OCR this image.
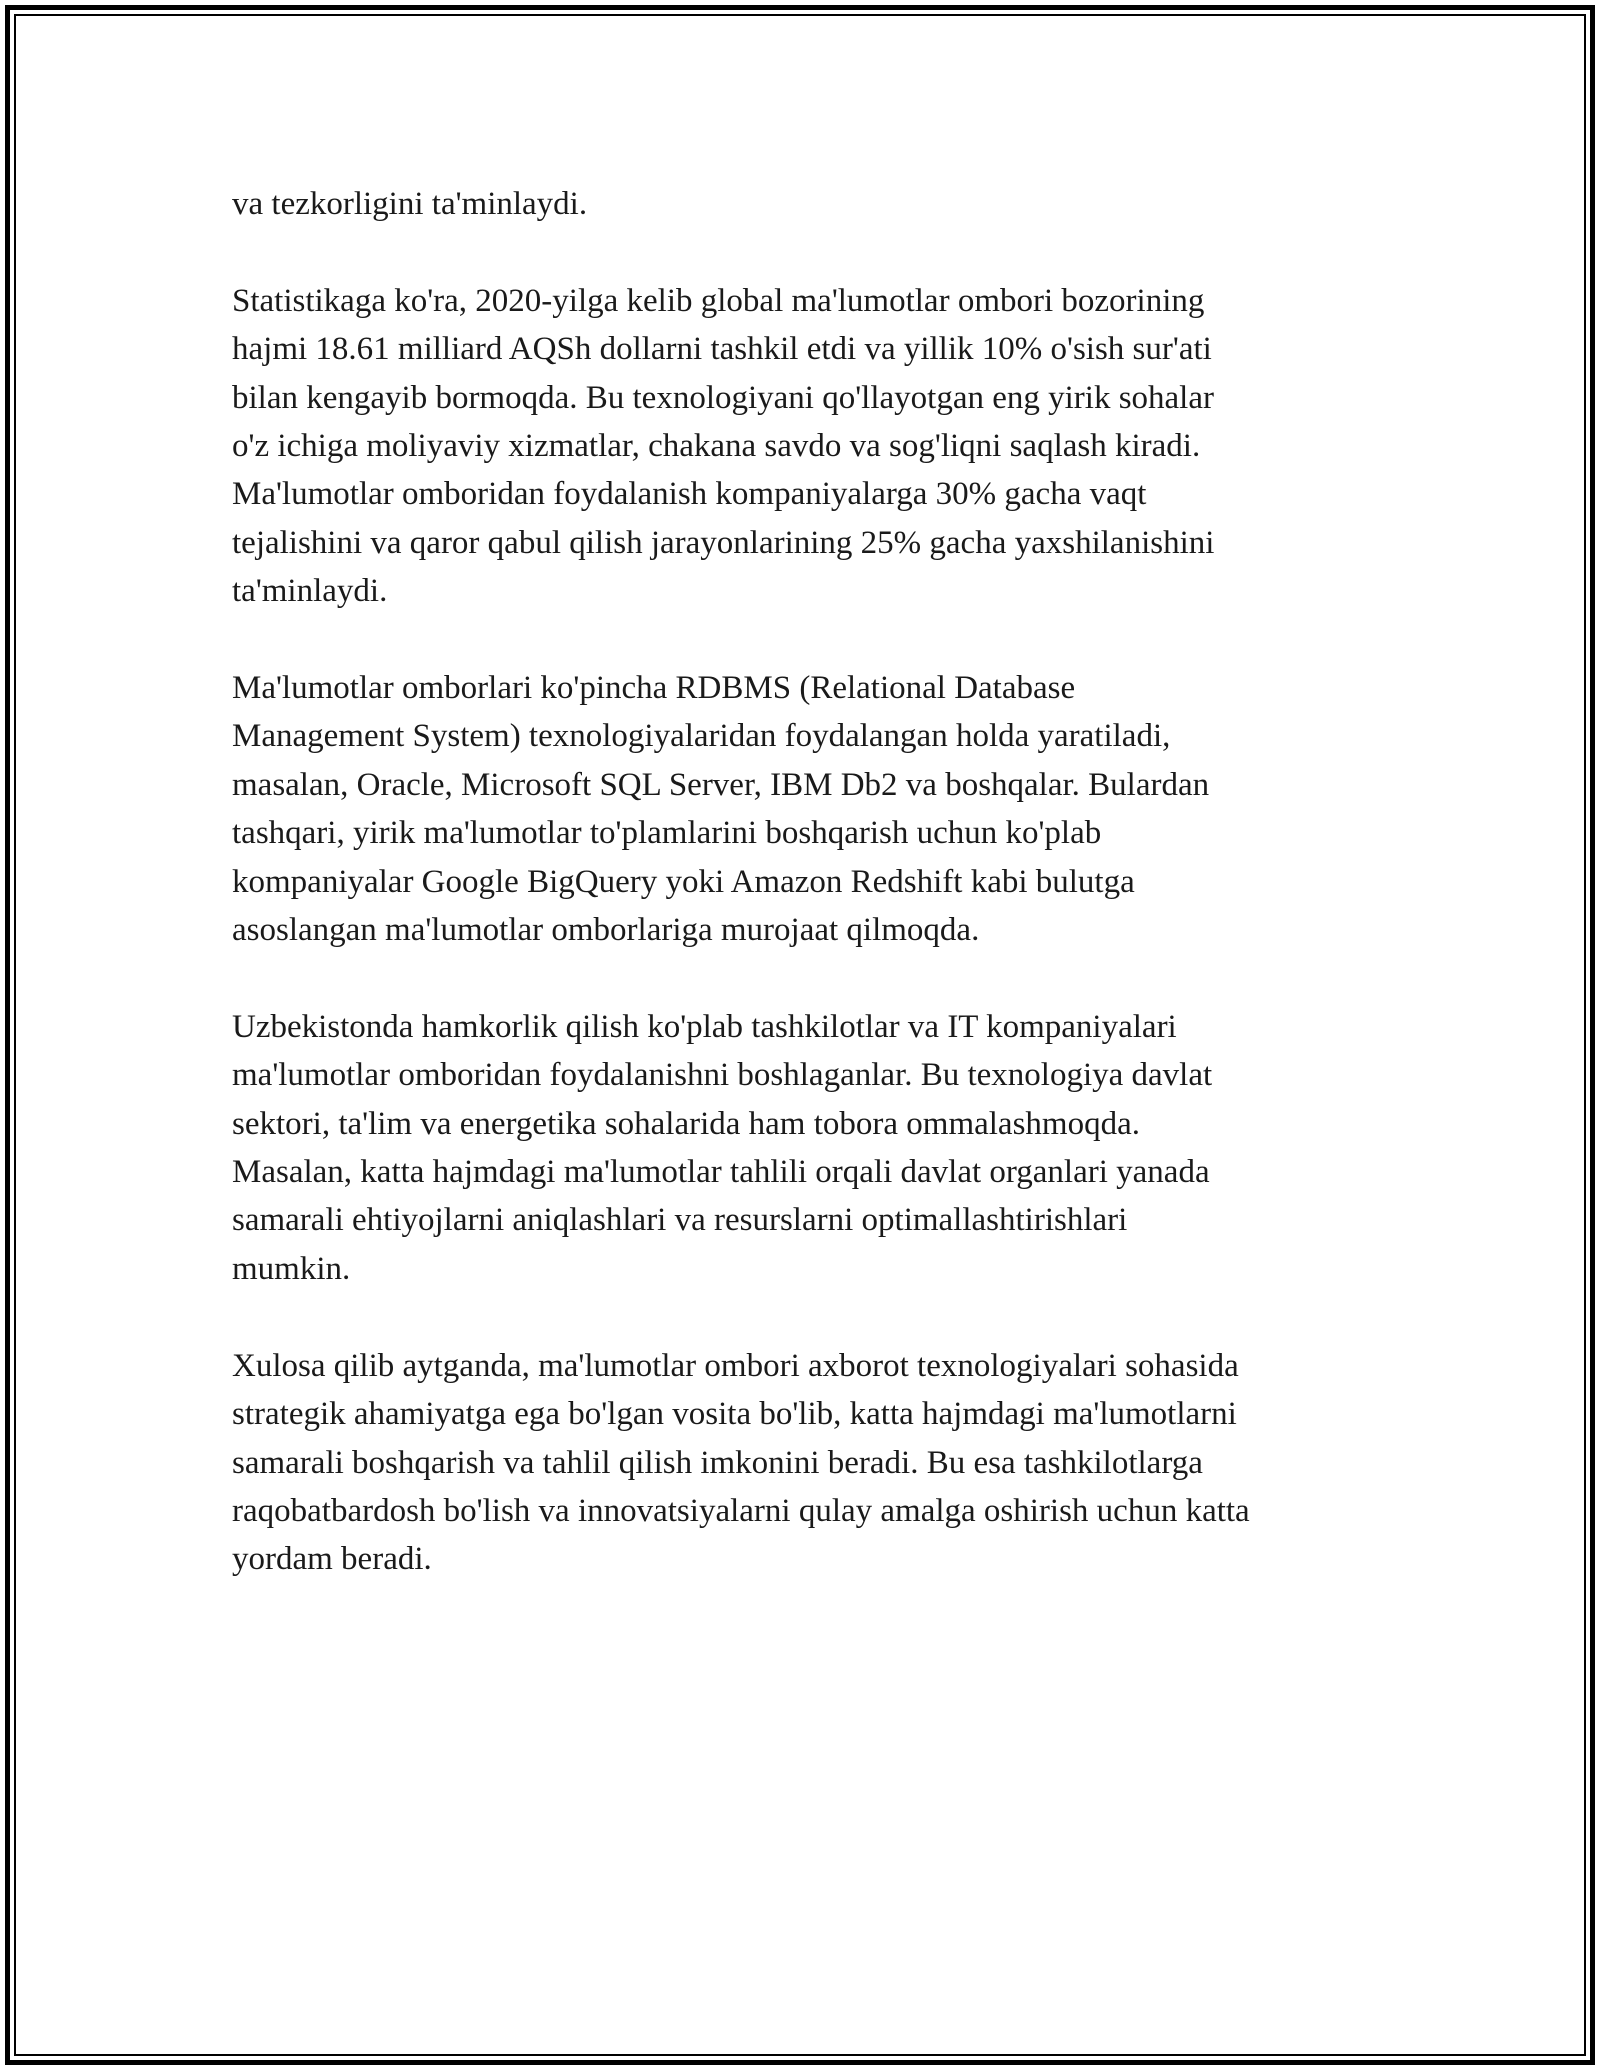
va tezkorligini ta'minlaydi.

Statistikaga ko'ra, 2020-yilga kelib global ma'lumotlar ombori bozorining
hajmi 18.61 milliard AQSh dollarni tashkil etdi va yillik 10% o'sish sur'ati
bilan kengayib bormoqda. Bu texnologiyani qo'llayotgan eng yirik sohalar
o'z ichiga moliyaviy xizmatlar, chakana savdo va sog'liqni saqlash kiradi.
Ma'lumotlar omboridan foydalanish kompaniyalarga 30% gacha vaqt
tejalishini va qaror qabul qilish jarayonlarining 25% gacha yaxshilanishini
ta'minlaydi.

Ma'lumotlar omborlari ko'pincha RDBMS (Relational Database
Management System) texnologiyalaridan foydalangan holda yaratiladi,
masalan, Oracle, Microsoft SQL Server, IBM Db2 va boshqalar. Bulardan
tashqari, yirik ma'lumotlar to'plamlarini boshqarish uchun ko'plab
kompaniyalar Google BigQuery yoki Amazon Redshift kabi bulutga
asoslangan ma'lumotlar omborlariga murojaat qilmoqda.

Uzbekistonda hamkorlik qilish ko'plab tashkilotlar va IT kompaniyalari
ma'lumotlar omboridan foydalanishni boshlaganlar. Bu texnologiya davlat
sektori, ta'lim va energetika sohalarida ham tobora ommalashmoqda.
Masalan, katta hajmdagi ma'lumotlar tahlili orqali davlat organlari yanada
samarali ehtiyojlarni aniqlashlari va resurslarni optimallashtirishlari
mumkin.

Xulosa qilib aytganda, ma'lumotlar ombori axborot texnologiyalari sohasida
strategik ahamiyatga ega bo'lgan vosita bo'lib, katta hajmdagi ma'lumotlarni
samarali boshqarish va tahlil qilish imkonini beradi. Bu esa tashkilotlarga
raqobatbardosh bo'lish va innovatsiyalarni qulay amalga oshirish uchun katta
yordam beradi.
